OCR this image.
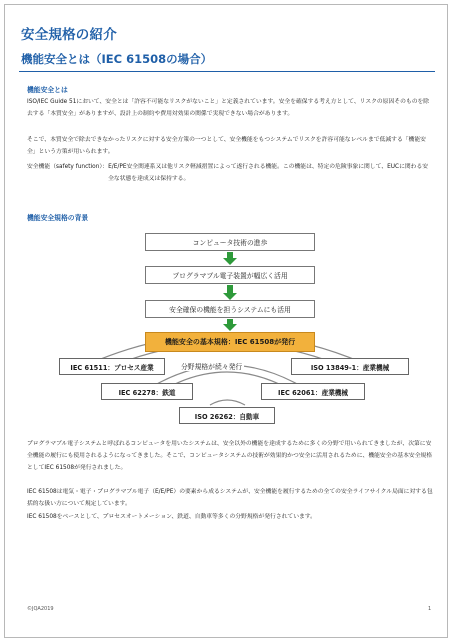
安全規格の紹介
機能安全とは（IEC 61508の場合）
機能安全とは

ISO/IEC Guide 51において、安全とは「許容不可能なリスクがないこと」と定義されています。安全を確保する考え方として、リスクの原因そのものを除去する「本質安全」がありますが、設計上の制約や費用対効果の関係で実現できない場合があります。

そこで、本質安全で除去できなかったリスクに対する安全方策の一つとして、安全機能をもつシステムでリスクを許容可能なレベルまで低減する「機能安全」という方策が用いられます。

安全機能（safety function）： E/E/PE安全関連系又は他リスク軽減措置によって遂行される機能。この機能は、特定の危険事象に関して、EUCに関わる安全な状態を達成又は保持する。
機能安全規格の背景
コンピュータ技術の進歩
プログラマブル電子装置が幅広く活用
安全確保の機能を担うシステムにも活用
機能安全の基本規格：IEC 61508が発行
IEC 61511：プロセス産業	分野規格が続々発行	ISO 13849-1：産業機械
IEC 62278：鉄道	IEC 62061：産業機械
ISO 26262：自動車

プログラマブル電子システムと呼ばれるコンピュータを用いたシステムは、安全以外の機能を達成するために多くの分野で用いられてきましたが、次第に安全機能の履行にも使用されるようになってきました。そこで、コンピュータシステムの技術が効果的かつ安全に活用されるために、機能安全の基本安全規格としてIEC 61508が発行されました。

IEC 61508は電気・電子・プログラマブル電子（E/E/PE）の要素から成るシステムが、安全機能を履行するための全ての安全ライフサイクル局面に対する包括的な扱い方について規定しています。

IEC 61508をベースとして、プロセスオートメーション、鉄道、自動車等多くの分野規格が発行されています。

©JQA2019	1
